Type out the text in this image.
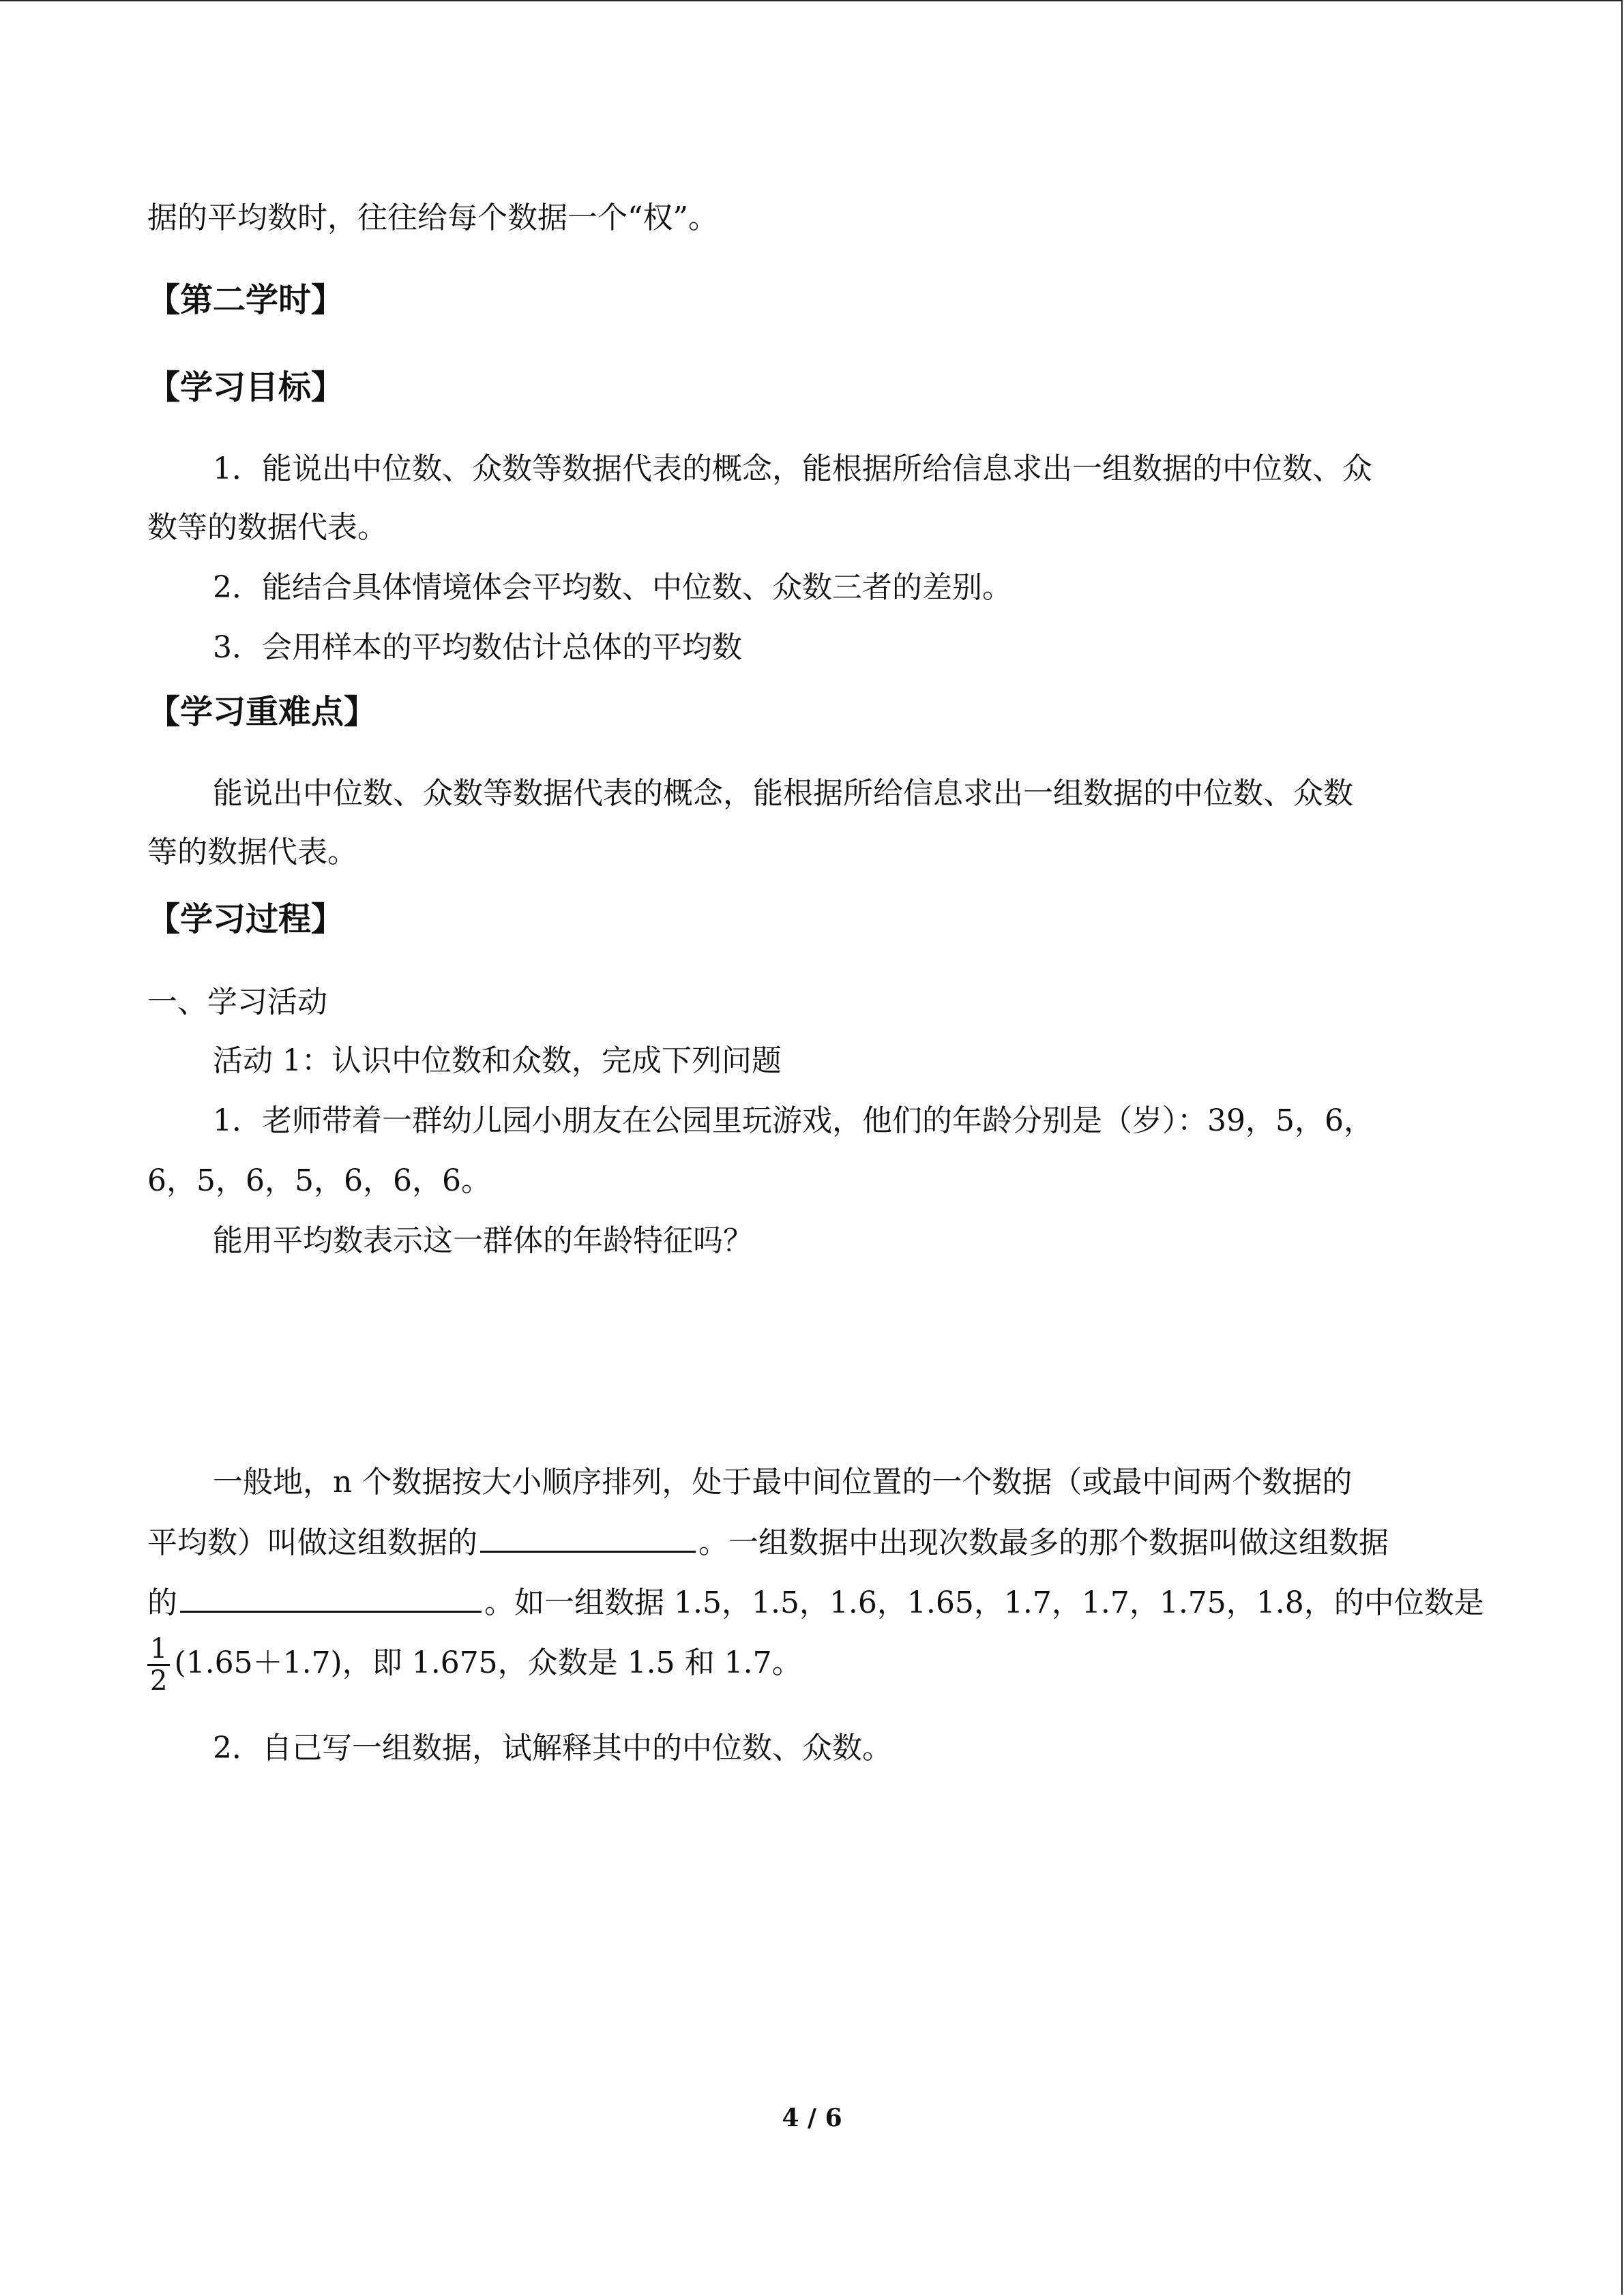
据的平均数时，往往给每个数据一个“权”。
【第二学时】
【学习目标】
1．能说出中位数、众数等数据代表的概念，能根据所给信息求出一组数据的中位数、众
数等的数据代表。
2．能结合具体情境体会平均数、中位数、众数三者的差别。
3．会用样本的平均数估计总体的平均数
【学习重难点】
能说出中位数、众数等数据代表的概念，能根据所给信息求出一组数据的中位数、众数
等的数据代表。
【学习过程】
一、学习活动
活动 1：认识中位数和众数，完成下列问题
1．老师带着一群幼儿园小朋友在公园里玩游戏，他们的年龄分别是（岁）：39，5，6，
6，5，6，5，6，6，6。
能用平均数表示这一群体的年龄特征吗？
一般地，n 个数据按大小顺序排列，处于最中间位置的一个数据（或最中间两个数据的
平均数）叫做这组数据的	。一组数据中出现次数最多的那个数据叫做这组数据
的	。如一组数据 1.5，1.5，1.6，1.65，1.7，1.7，1.75，1.8，的中位数是
$\frac{1}{2} (1.65+1.7)$，即 1.675，众数是 1.5 和 1.7。
2．自己写一组数据，试解释其中的中位数、众数。
4 / 6
